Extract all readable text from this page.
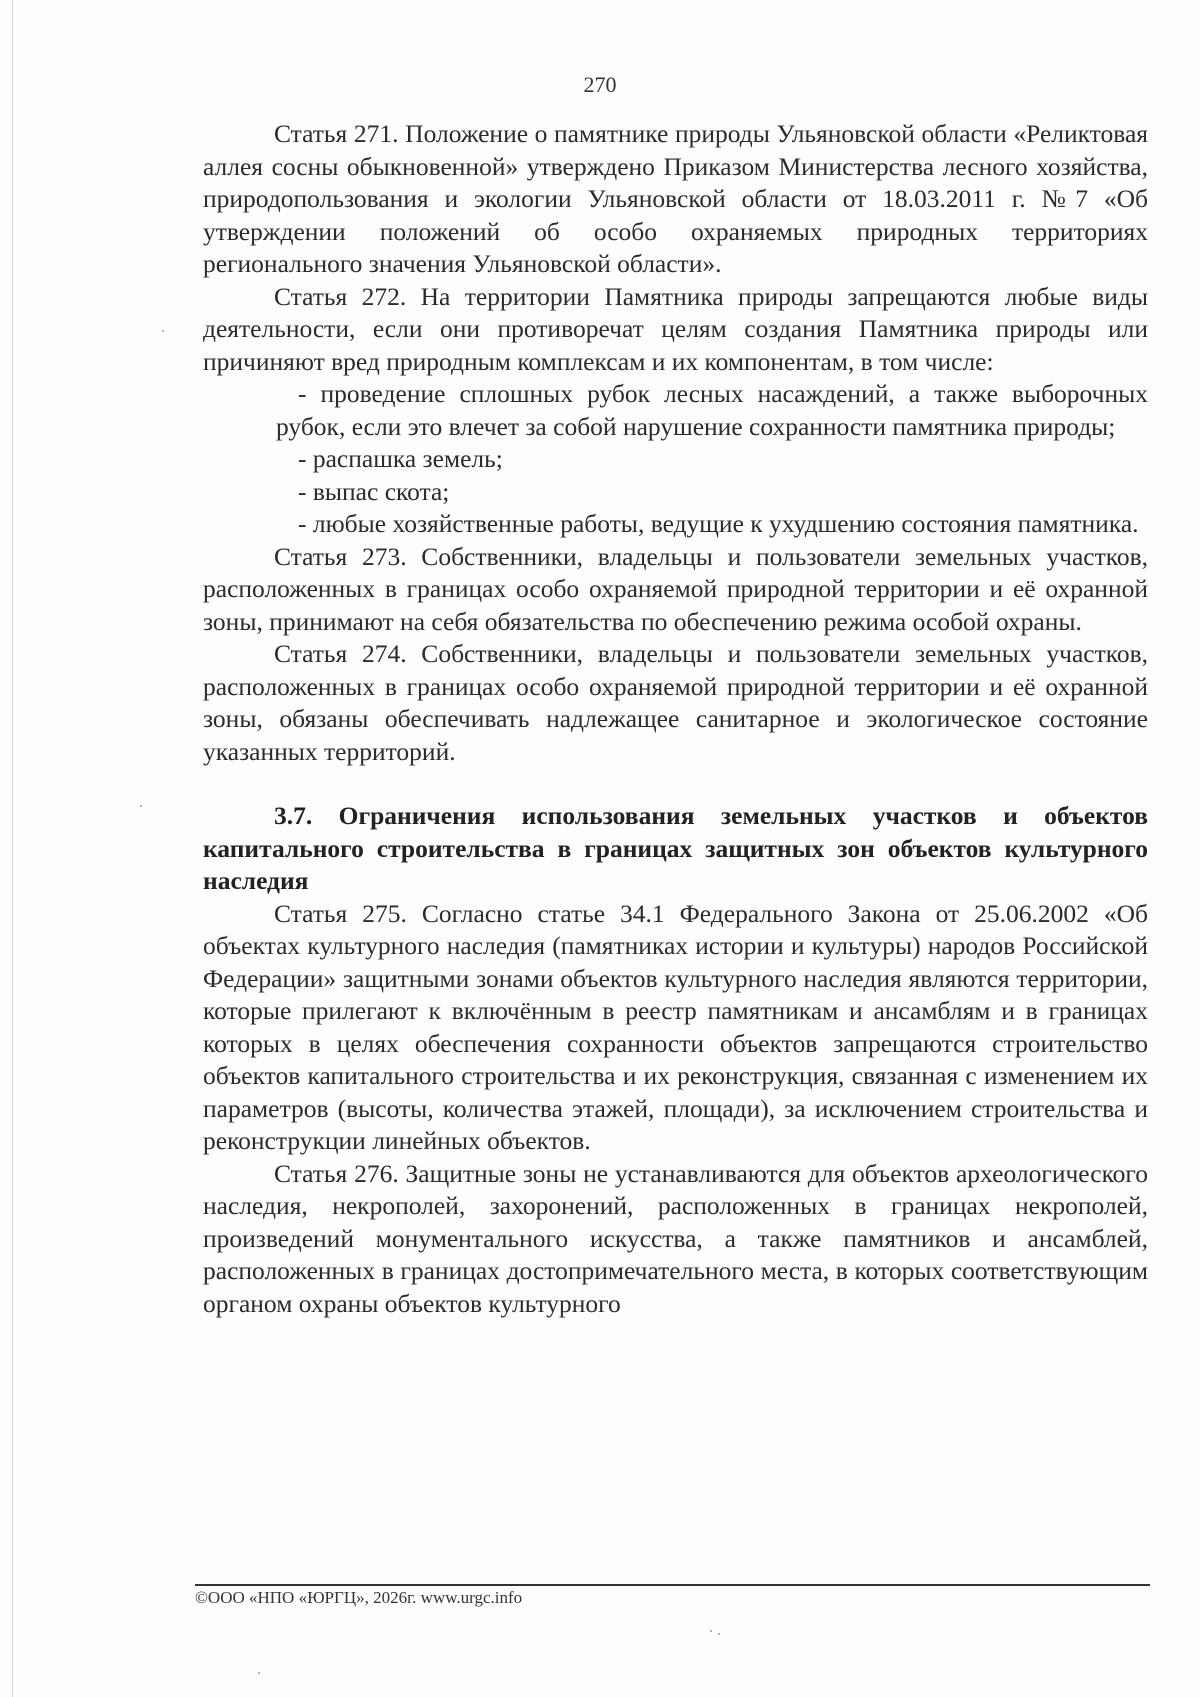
270

Статья 271. Положение о памятнике природы Ульяновской области «Реликтовая аллея сосны обыкновенной» утверждено Приказом Министерства лесного хозяйства, природопользования и экологии Ульяновской области от 18.03.2011 г. №7 «Об утверждении положений об особо охраняемых природных территориях регионального значения Ульяновской области».

Статья 272. На территории Памятника природы запрещаются любые виды деятельности, если они противоречат целям создания Памятника природы или причиняют вред природным комплексам и их компонентам, в том числе:

- проведение сплошных рубок лесных насаждений, а также выборочных рубок, если это влечет за собой нарушение сохранности памятника природы;

- распашка земель;

- выпас скота;

- любые хозяйственные работы, ведущие к ухудшению состояния памятника.

Статья 273. Собственники, владельцы и пользователи земельных участков, расположенных в границах особо охраняемой природной территории и её охранной зоны, принимают на себя обязательства по обеспечению режима особой охраны.

Статья 274. Собственники, владельцы и пользователи земельных участков, расположенных в границах особо охраняемой природной территории и её охранной зоны, обязаны обеспечивать надлежащее санитарное и экологическое состояние указанных территорий.

3.7. Ограничения использования земельных участков и объектов капитального строительства в границах защитных зон объектов культурного наследия

Статья 275. Согласно статье 34.1 Федерального Закона от 25.06.2002 «Об объектах культурного наследия (памятниках истории и культуры) народов Российской Федерации» защитными зонами объектов культурного наследия являются территории, которые прилегают к включённым в реестр памятникам и ансамблям и в границах которых в целях обеспечения сохранности объектов запрещаются строительство объектов капитального строительства и их реконструкция, связанная с изменением их параметров (высоты, количества этажей, площади), за исключением строительства и реконструкции линейных объектов.

Статья 276. Защитные зоны не устанавливаются для объектов археологического наследия, некрополей, захоронений, расположенных в границах некрополей, произведений монументального искусства, а также памятников и ансамблей, расположенных в границах достопримечательного места, в которых соответствующим органом охраны объектов культурного

©ООО «НПО «ЮРГЦ», 2026г. www.urgc.info
